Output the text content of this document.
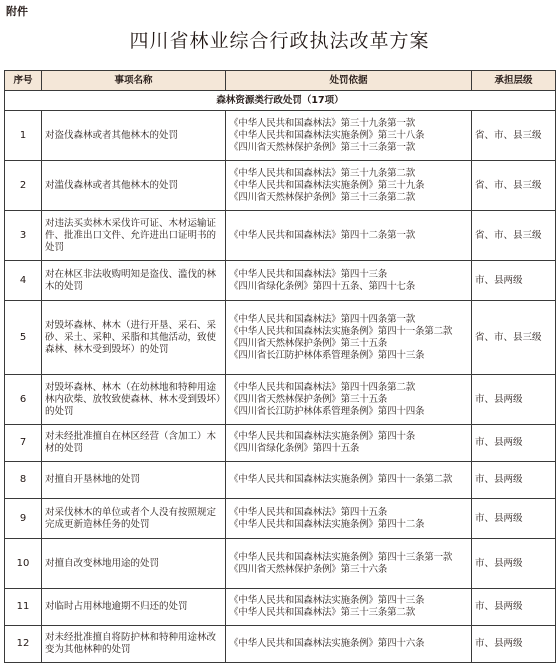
附件
四川省林业综合行政执法改革方案
序号	事项名称	处罚依据	承担层级
森林资源类行政处罚（17项）			
1	对盗伐森林或者其他林木的处罚	《中华人民共和国森林法》第三十九条第一款
《中华人民共和国森林法实施条例》第三十八条
《四川省天然林保护条例》第三十三条第一款	省、市、县三级
2	对滥伐森林或者其他林木的处罚	《中华人民共和国森林法》第三十九条第二款
《中华人民共和国森林法实施条例》第三十九条
《四川省天然林保护条例》第三十三条第二款	省、市、县三级
3	对违法买卖林木采伐许可证、木材运输证件、批准出口文件、允许进出口证明书的处罚	《中华人民共和国森林法》第四十二条第一款	省、市、县三级
4	对在林区非法收购明知是盗伐、滥伐的林木的处罚	《中华人民共和国森林法》第四十三条
《四川省绿化条例》第四十五条、第四十七条	市、县两级
5	对毁坏森林、林木（进行开垦、采石、采砂、采土、采种、采脂和其他活动，致使森林、林木受到毁坏）的处罚	《中华人民共和国森林法》第四十四条第一款
《中华人民共和国森林法实施条例》第四十一条第二款
《四川省天然林保护条例》第三十五条
《四川省长江防护林体系管理条例》第四十三条	省、市、县三级
6	对毁坏森林、林木（在幼林地和特种用途林内砍柴、放牧致使森林、林木受到毁坏）的处罚	《中华人民共和国森林法》第四十四条第二款
《四川省天然林保护条例》第三十五条
《四川省长江防护林体系管理条例》第四十四条	市、县两级
7	对未经批准擅自在林区经营（含加工）木材的处罚	《中华人民共和国森林法实施条例》第四十条
《四川省绿化条例》第四十五条	市、县两级
8	对擅自开垦林地的处罚	《中华人民共和国森林法实施条例》第四十一条第二款	市、县两级
9	对采伐林木的单位或者个人没有按照规定完成更新造林任务的处罚	《中华人民共和国森林法》第四十五条
《中华人民共和国森林法实施条例》第四十二条	市、县两级
10	对擅自改变林地用途的处罚	《中华人民共和国森林法实施条例》第四十三条第一款
《四川省天然林保护条例》第三十六条	市、县两级
11	对临时占用林地逾期不归还的处罚	《中华人民共和国森林法实施条例》第四十三条
《中华人民共和国森林法》第三十三条第二款	市、县两级
12	对未经批准擅自将防护林和特种用途林改变为其他林种的处罚	《中华人民共和国森林法实施条例》第四十六条	市、县两级
